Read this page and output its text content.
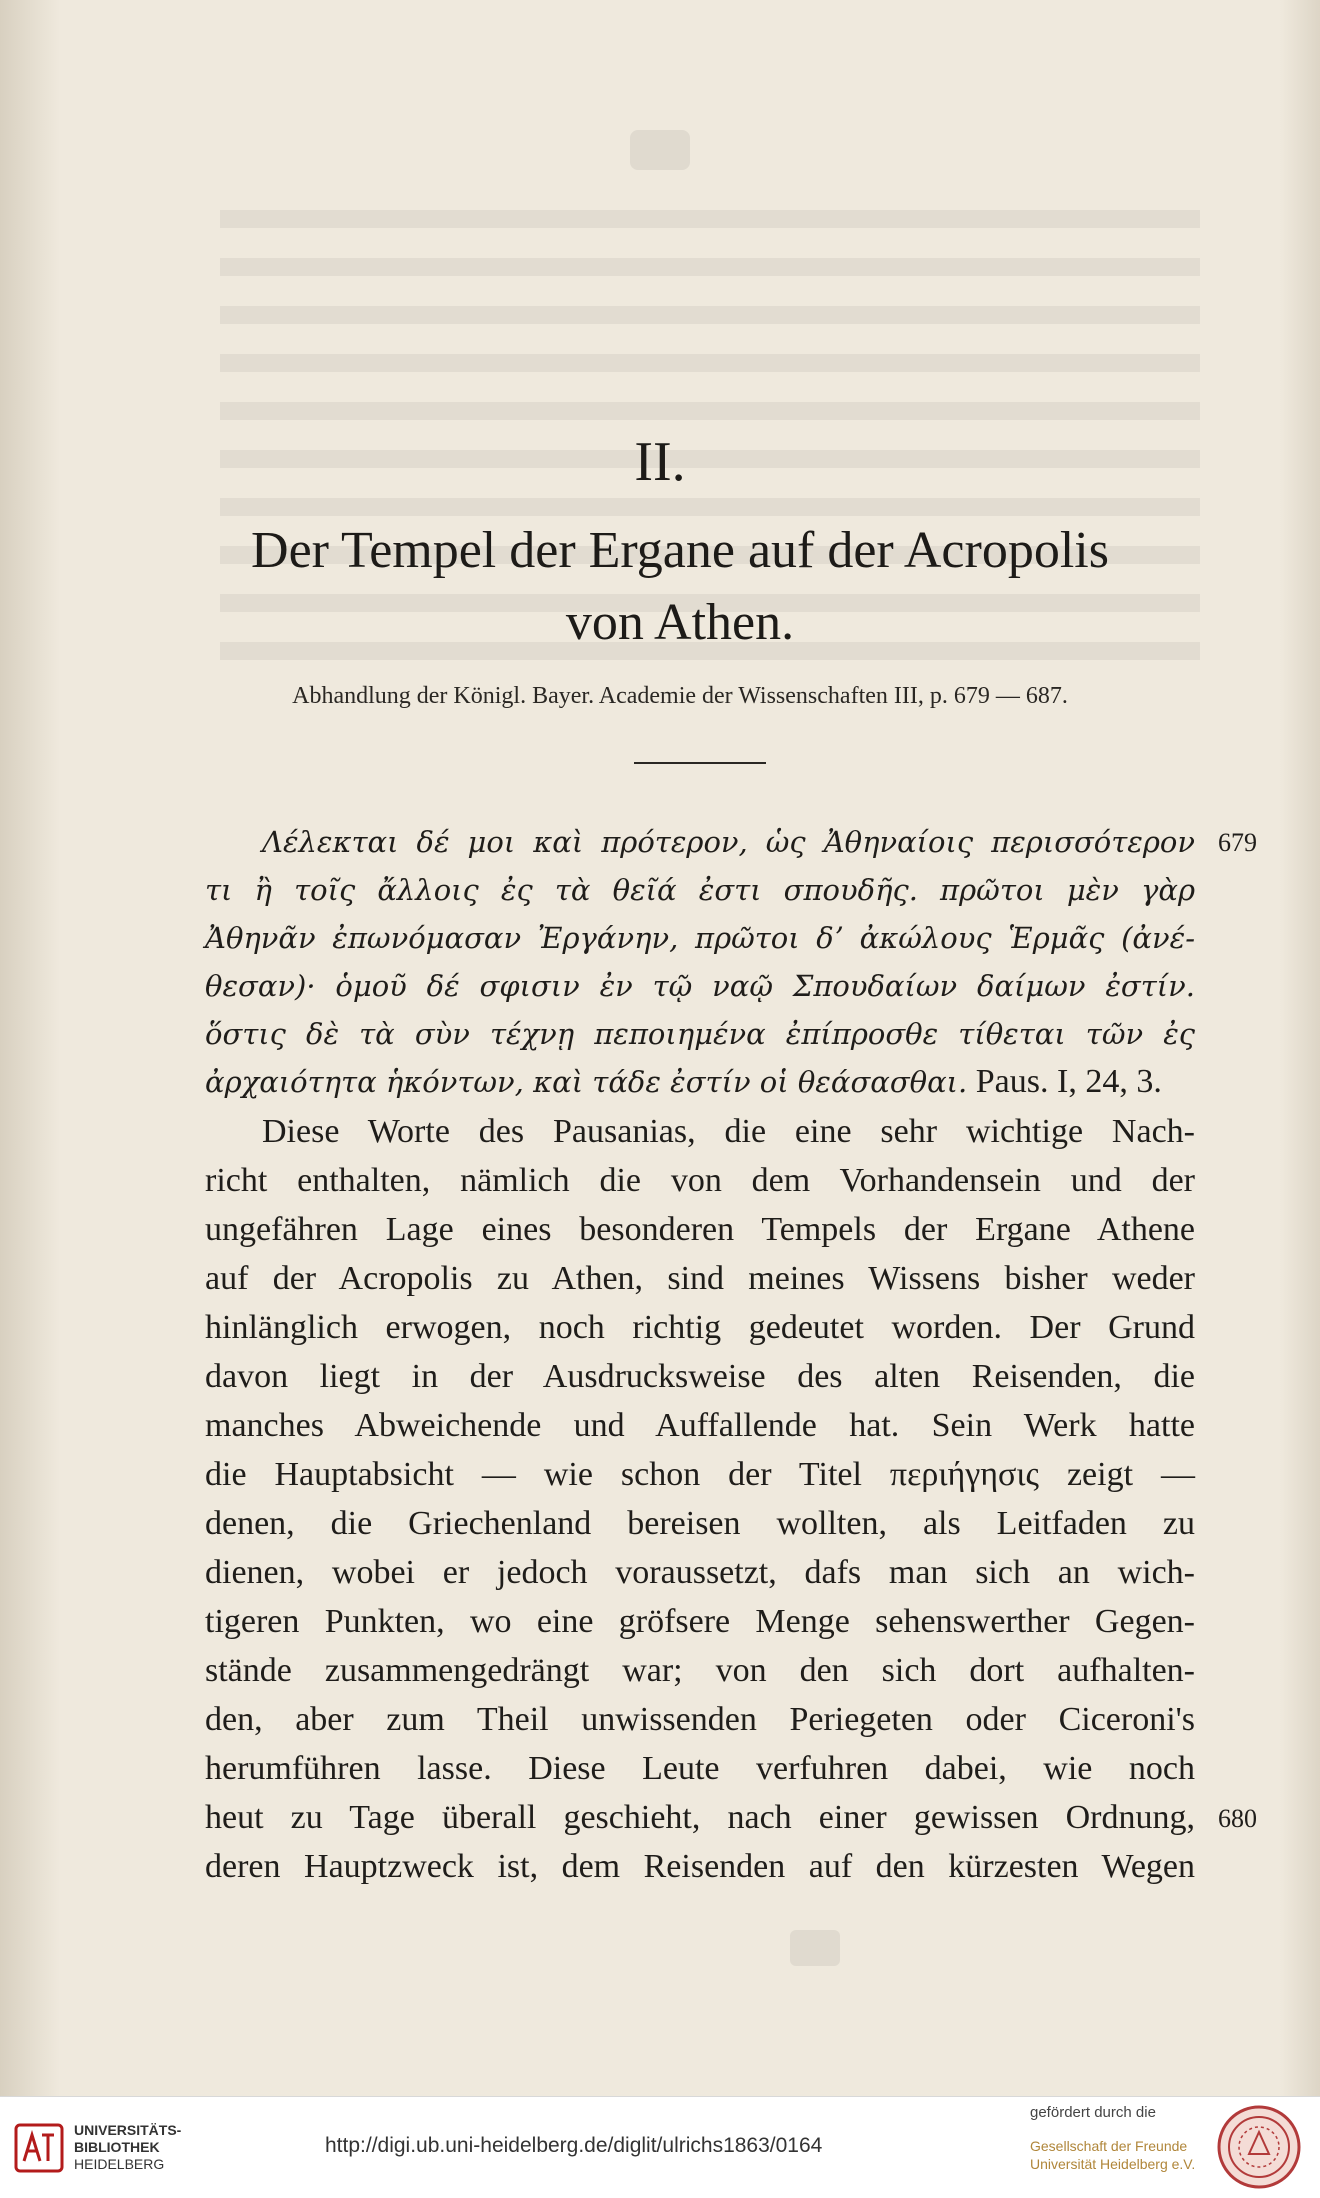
II.
Der Tempel der Ergane auf der Acropolis
von Athen.
Abhandlung der Königl. Bayer. Academie der Wissenschaften III, p. 679 — 687.
Λέλεκται δέ μοι καὶ πρότερον, ὡς Ἀθηναίοις περισσότερον
τι ἢ τοῖς ἄλλοις ἐς τὰ θεῖά ἐστι σπουδῆς. πρῶτοι μὲν γὰρ
Ἀθηνᾶν ἐπωνόμασαν Ἐργάνην, πρῶτοι δʼ ἀκώλους Ἑρμᾶς (ἀνέ-
θεσαν)· ὁμοῦ δέ σφισιν ἐν τῷ ναῷ Σπουδαίων δαίμων ἐστίν.
ὅστις δὲ τὰ σὺν τέχνῃ πεποιημένα ἐπίπροσθε τίθεται τῶν ἐς
ἀρχαιότητα ἡκόντων, καὶ τάδε ἐστίν οἱ θεάσασθαι. Paus. I, 24, 3.
Diese Worte des Pausanias, die eine sehr wichtige Nach-
richt enthalten, nämlich die von dem Vorhandensein und der
ungefähren Lage eines besonderen Tempels der Ergane Athene
auf der Acropolis zu Athen, sind meines Wissens bisher weder
hinlänglich erwogen, noch richtig gedeutet worden. Der Grund
davon liegt in der Ausdrucksweise des alten Reisenden, die
manches Abweichende und Auffallende hat. Sein Werk hatte
die Hauptabsicht — wie schon der Titel περιήγησις zeigt —
denen, die Griechenland bereisen wollten, als Leitfaden zu
dienen, wobei er jedoch voraussetzt, dafs man sich an wich-
tigeren Punkten, wo eine gröfsere Menge sehenswerther Gegen-
stände zusammengedrängt war; von den sich dort aufhalten-
den, aber zum Theil unwissenden Periegeten oder Ciceroni's
herumführen lasse. Diese Leute verfuhren dabei, wie noch
heut zu Tage überall geschieht, nach einer gewissen Ordnung,
deren Hauptzweck ist, dem Reisenden auf den kürzesten Wegen
679
680
UNIVERSITÄTS-
BIBLIOTHEK
HEIDELBERG
http://digi.ub.uni-heidelberg.de/diglit/ulrichs1863/0164
gefördert durch die
Gesellschaft der Freunde
Universität Heidelberg e.V.
